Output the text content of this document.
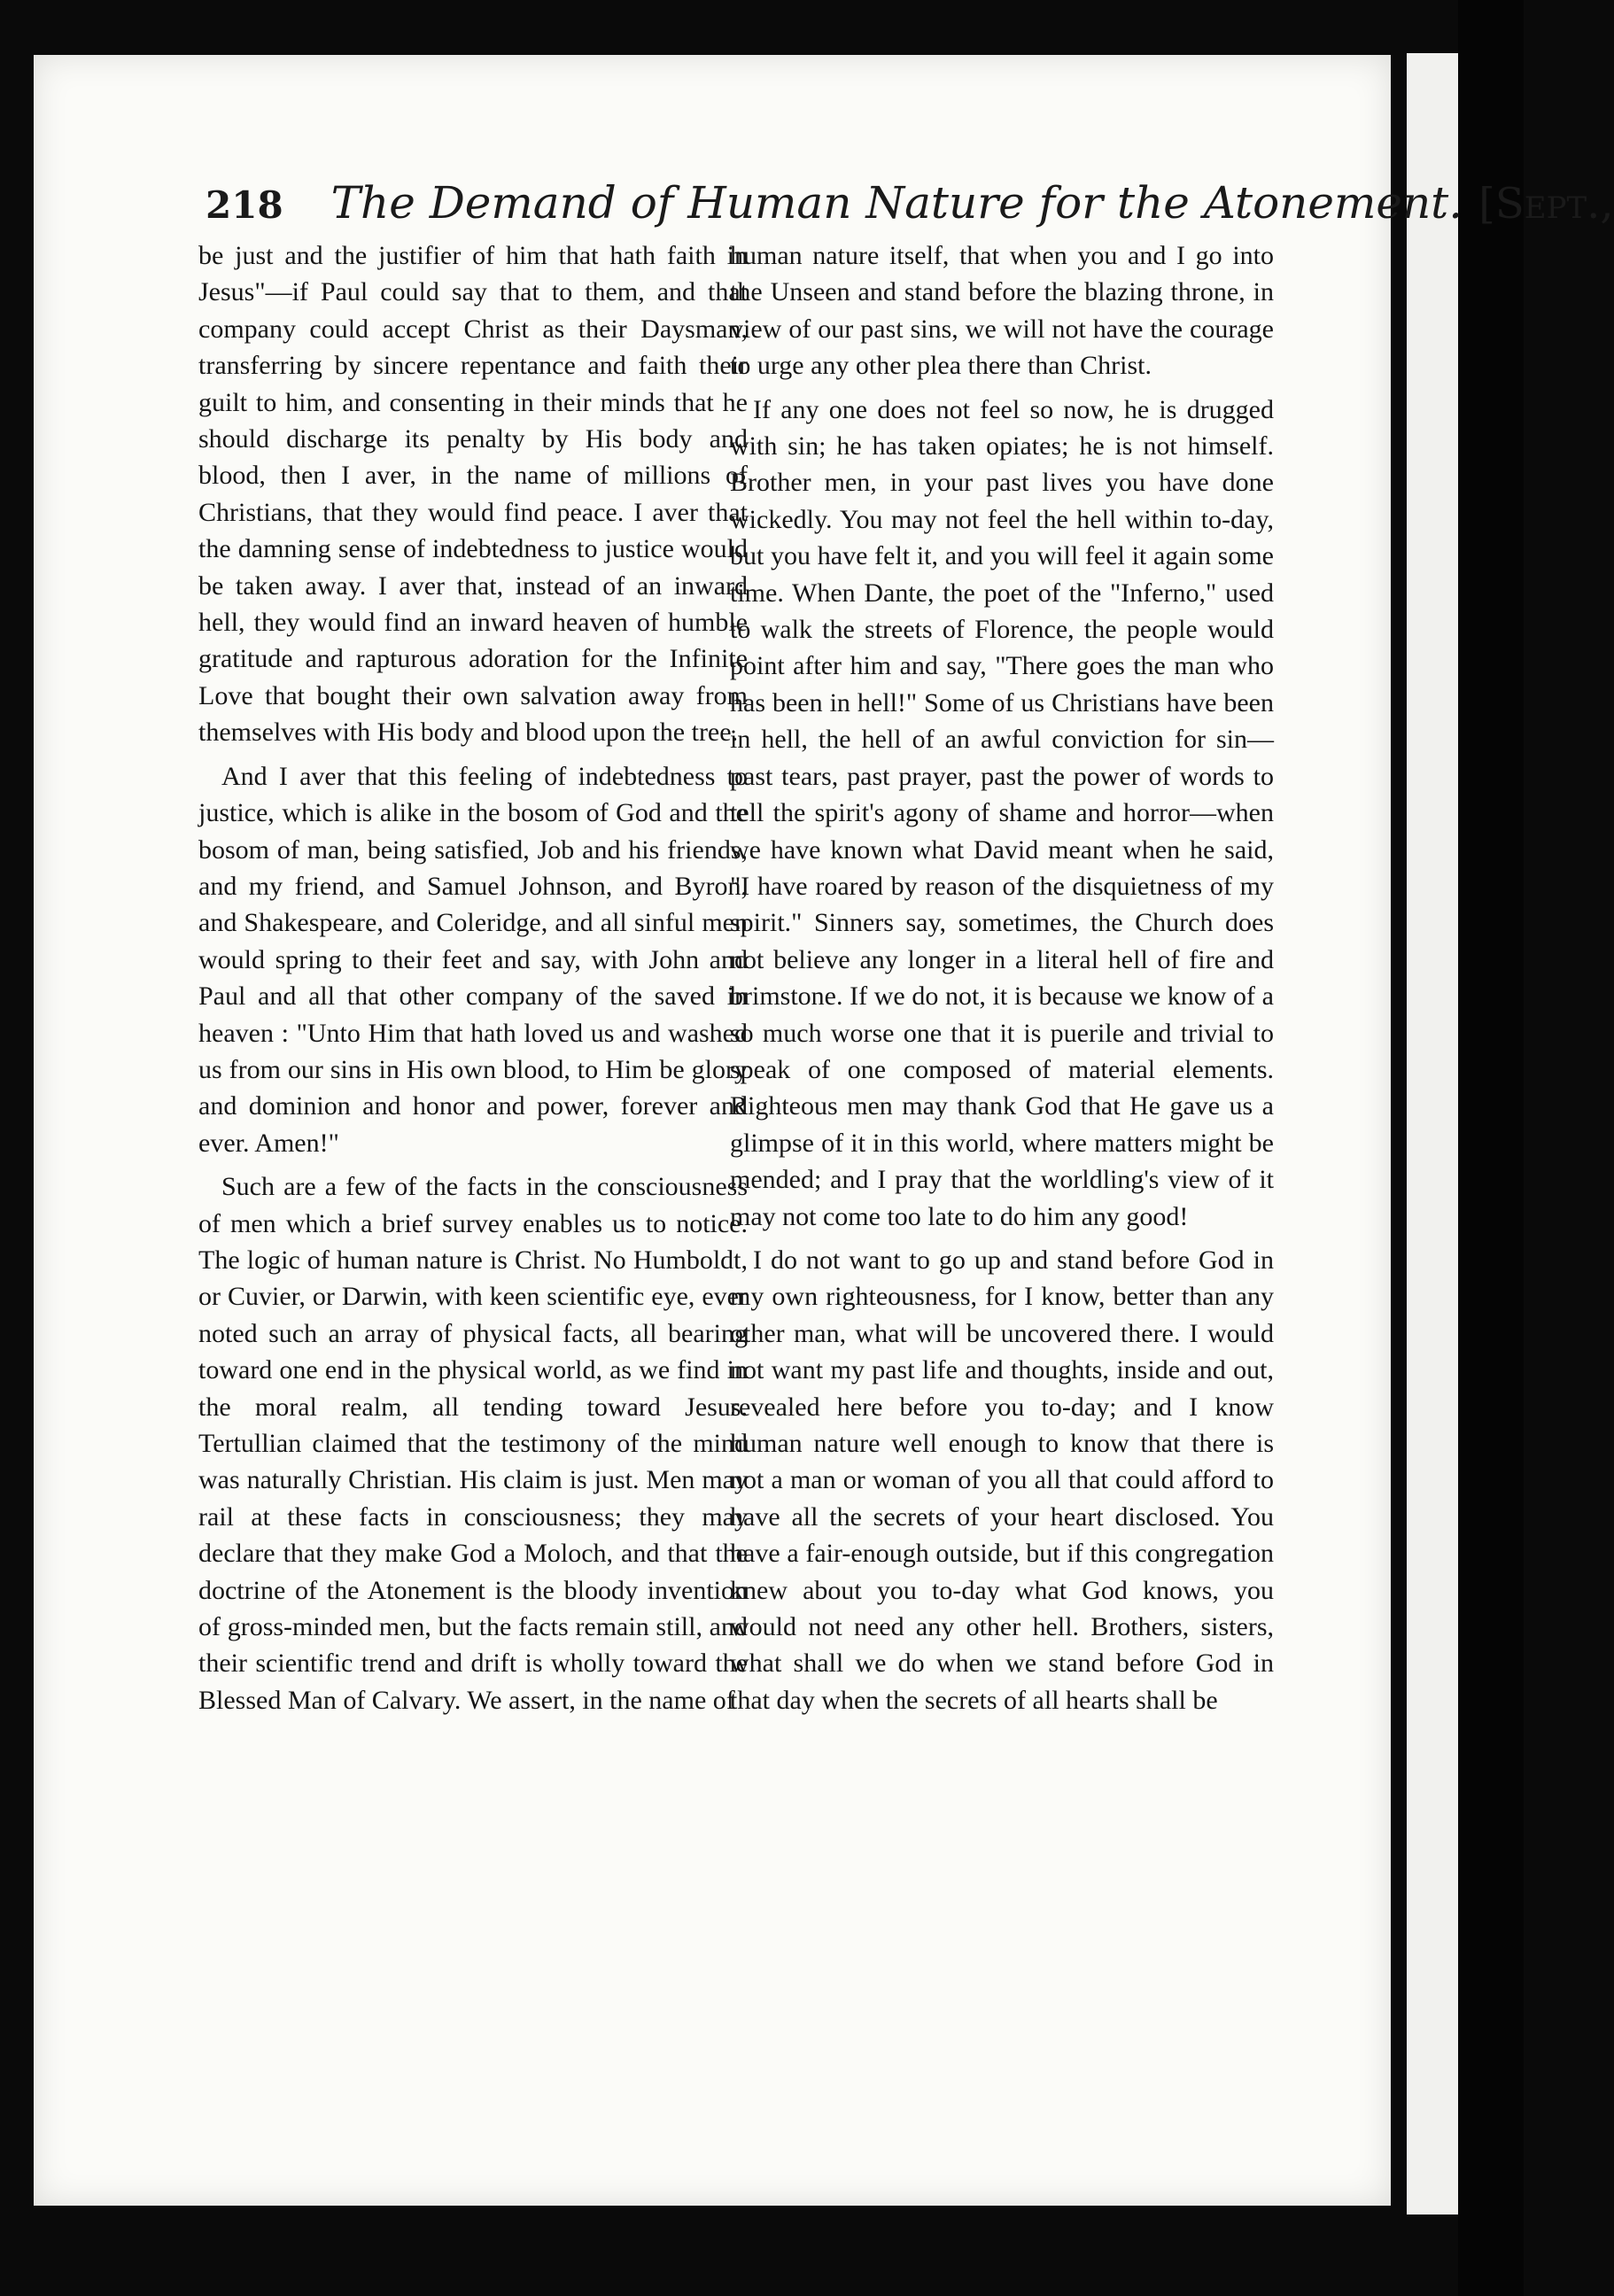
218 The Demand of Human Nature for the Atonement. [Sept.,

be just and the justifier of him that hath faith in Jesus"—if Paul could say that to them, and that company could accept Christ as their Daysman, transferring by sincere repentance and faith their guilt to him, and consenting in their minds that he should discharge its penalty by His body and blood, then I aver, in the name of millions of Christians, that they would find peace. I aver that the damning sense of indebtedness to justice would be taken away. I aver that, instead of an inward hell, they would find an inward heaven of humble gratitude and rapturous adoration for the Infinite Love that bought their own salvation away from themselves with His body and blood upon the tree.

And I aver that this feeling of indebtedness to justice, which is alike in the bosom of God and the bosom of man, being satisfied, Job and his friends, and my friend, and Samuel Johnson, and Byron, and Shakespeare, and Coleridge, and all sinful men would spring to their feet and say, with John and Paul and all that other company of the saved in heaven : "Unto Him that hath loved us and washed us from our sins in His own blood, to Him be glory and dominion and honor and power, forever and ever. Amen!"

Such are a few of the facts in the consciousness of men which a brief survey enables us to notice. The logic of human nature is Christ. No Humboldt, or Cuvier, or Darwin, with keen scientific eye, ever noted such an array of physical facts, all bearing toward one end in the physical world, as we find in the moral realm, all tending toward Jesus. Tertullian claimed that the testimony of the mind was naturally Christian. His claim is just. Men may rail at these facts in consciousness; they may declare that they make God a Moloch, and that the doctrine of the Atonement is the bloody invention of gross-minded men, but the facts remain still, and their scientific trend and drift is wholly toward the Blessed Man of Calvary. We assert, in the name of

human nature itself, that when you and I go into the Unseen and stand before the blazing throne, in view of our past sins, we will not have the courage to urge any other plea there than Christ.

If any one does not feel so now, he is drugged with sin; he has taken opiates; he is not himself. Brother men, in your past lives you have done wickedly. You may not feel the hell within to-day, but you have felt it, and you will feel it again some time. When Dante, the poet of the "Inferno," used to walk the streets of Florence, the people would point after him and say, "There goes the man who has been in hell!" Some of us Christians have been in hell, the hell of an awful conviction for sin—past tears, past prayer, past the power of words to tell the spirit's agony of shame and horror—when we have known what David meant when he said, "I have roared by reason of the disquietness of my spirit." Sinners say, sometimes, the Church does not believe any longer in a literal hell of fire and brimstone. If we do not, it is because we know of a so much worse one that it is puerile and trivial to speak of one composed of material elements. Righteous men may thank God that He gave us a glimpse of it in this world, where matters might be mended; and I pray that the worldling's view of it may not come too late to do him any good!

I do not want to go up and stand before God in my own righteousness, for I know, better than any other man, what will be uncovered there. I would not want my past life and thoughts, inside and out, revealed here before you to-day; and I know human nature well enough to know that there is not a man or woman of you all that could afford to have all the secrets of your heart disclosed. You have a fair-enough outside, but if this congregation knew about you to-day what God knows, you would not need any other hell. Brothers, sisters, what shall we do when we stand before God in that day when the secrets of all hearts shall be
